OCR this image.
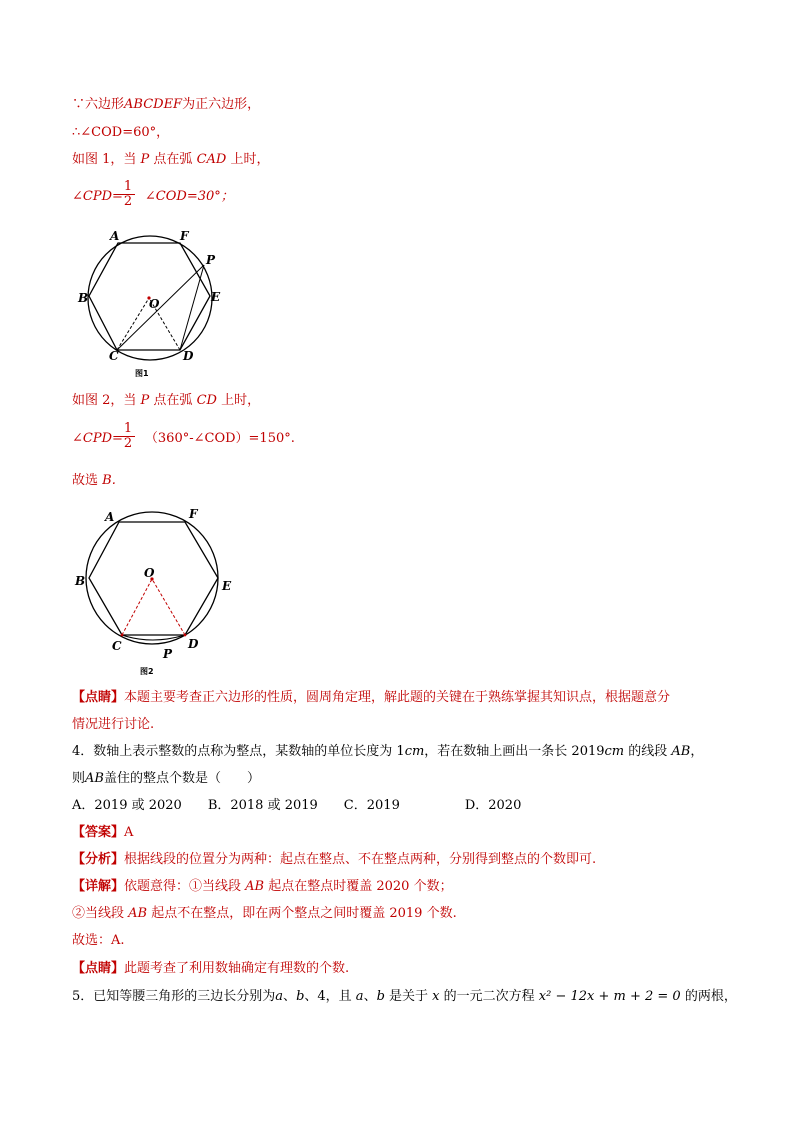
∵六边形ABCDEF为正六边形，
∴∠COD=60°，
如图 1，当 P 点在弧 CAD 上时，
∠CPD= ∠COD=30°；
$\frac{1}{2}$
A	F
P
B	E
O
C	D
图1
如图 2，当 P 点在弧 CD 上时，
∠CPD= （360°-∠COD）=150°.
$\frac{1}{2}$
故选 B.
A	F
B	E
O
C	D
P
图2
【点睛】本题主要考查正六边形的性质，圆周角定理，解此题的关键在于熟练掌握其知识点，根据题意分
情况进行讨论.
4．数轴上表示整数的点称为整点，某数轴的单位长度为 1cm，若在数轴上画出一条长 2019cm 的线段 AB，
则AB盖住的整点个数是（　　）
A．2019 或 2020　　B．2018 或 2019　　C．2019　　　　　D．2020
【答案】A
【分析】根据线段的位置分为两种：起点在整点、不在整点两种，分别得到整点的个数即可.
【详解】依题意得：①当线段 AB 起点在整点时覆盖 2020 个数；
②当线段 AB 起点不在整点，即在两个整点之间时覆盖 2019 个数.
故选：A.
【点睛】此题考查了利用数轴确定有理数的个数.
5．已知等腰三角形的三边长分别为a、b、4，且 a、b 是关于 x 的一元二次方程 x² − 12x + m + 2 = 0 的两根，
